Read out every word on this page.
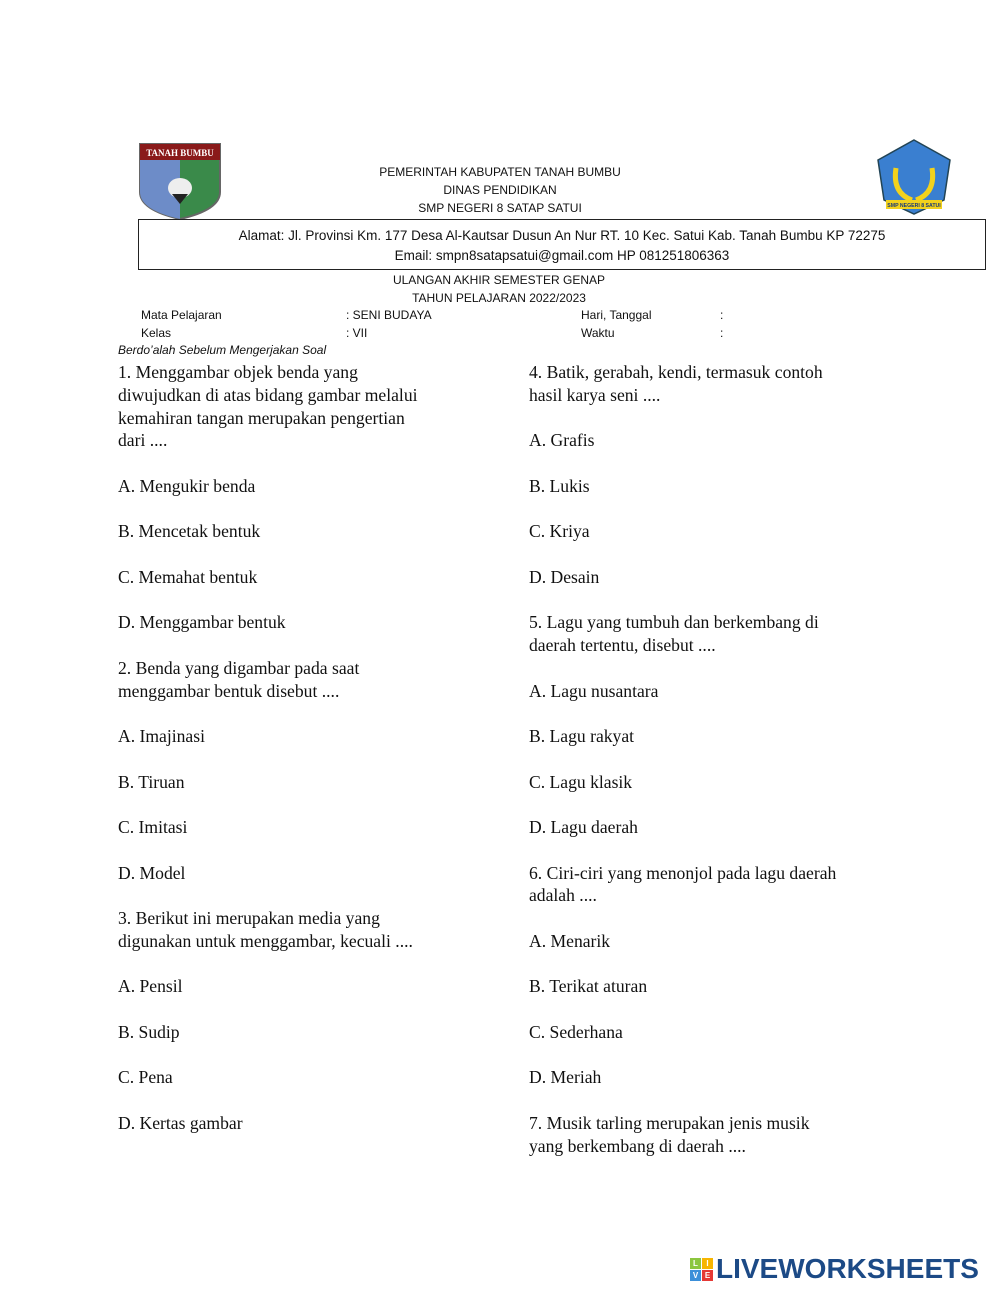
TANAH BUMBU
SMP NEGERI 8 SATUI
PEMERINTAH KABUPATEN TANAH BUMBU
DINAS PENDIDIKAN
SMP NEGERI 8 SATAP SATUI
Alamat: Jl. Provinsi Km. 177 Desa Al-Kautsar Dusun An Nur RT. 10 Kec. Satui Kab. Tanah Bumbu KP 72275
Email: smpn8satapsatui@gmail.com HP 081251806363
ULANGAN AKHIR SEMESTER GENAP
TAHUN PELAJARAN 2022/2023
Mata Pelajaran	: SENI BUDAYA	Hari, Tanggal	:
Kelas	: VII	Waktu	:
Berdo’alah Sebelum Mengerjakan Soal
1. Menggambar objek benda yang
diwujudkan di atas bidang gambar melalui
kemahiran tangan merupakan pengertian
dari ....
A. Mengukir benda
B. Mencetak bentuk
C. Memahat bentuk
D. Menggambar bentuk
2. Benda yang digambar pada saat
menggambar bentuk disebut ....
A. Imajinasi
B. Tiruan
C. Imitasi
D. Model
3. Berikut ini merupakan media yang
digunakan untuk menggambar, kecuali ....
A. Pensil
B. Sudip
C. Pena
D. Kertas gambar
4. Batik, gerabah, kendi, termasuk contoh
hasil karya seni ....
A. Grafis
B. Lukis
C. Kriya
D. Desain
5. Lagu yang tumbuh dan berkembang di
daerah tertentu, disebut ....
A. Lagu nusantara
B. Lagu rakyat
C. Lagu klasik
D. Lagu daerah
6. Ciri-ciri yang menonjol pada lagu daerah
adalah ....
A. Menarik
B. Terikat aturan
C. Sederhana
D. Meriah
7. Musik tarling merupakan jenis musik
yang berkembang di daerah ....
L	I
V E LIVEWORKSHEETS
